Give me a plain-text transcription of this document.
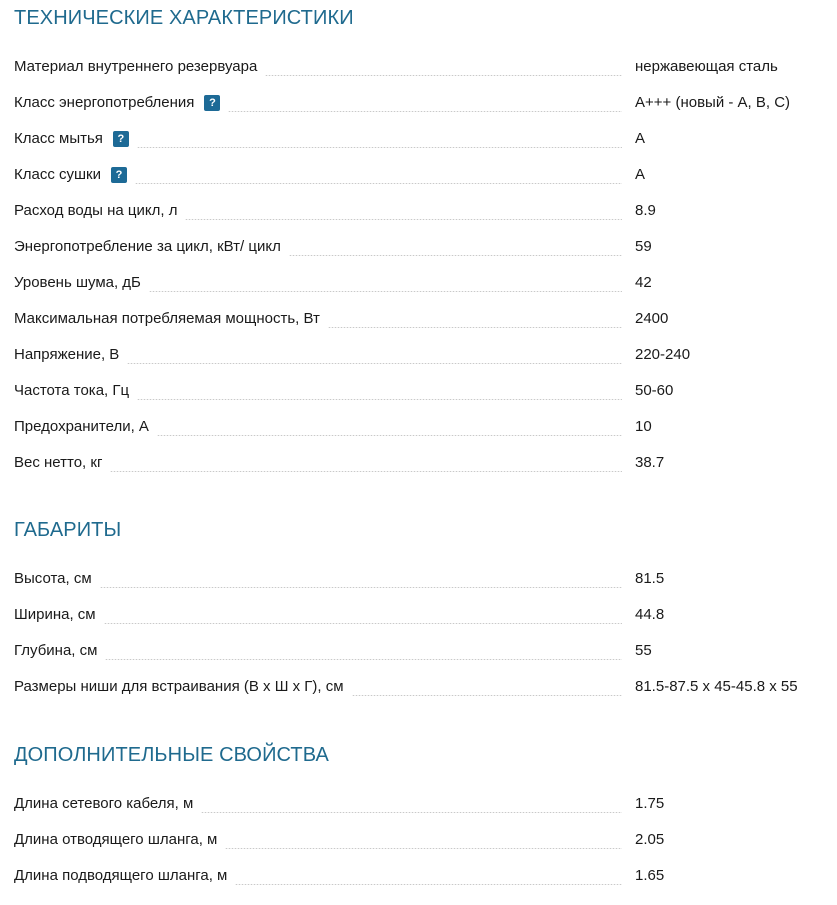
ТЕХНИЧЕСКИЕ ХАРАКТЕРИСТИКИ
Материал внутреннего резервуара	нержавеющая сталь
Класс энергопотребления	?	A+++ (новый - A, B, C)
Класс мытья	?	A
Класс сушки	?	A
Расход воды на цикл, л	8.9
Энергопотребление за цикл, кВт/ цикл	59
Уровень шума, дБ	42
Максимальная потребляемая мощность, Вт	2400
Напряжение, В	220-240
Частота тока, Гц	50-60
Предохранители, А	10
Вес нетто, кг	38.7
ГАБАРИТЫ
Высота, см	81.5
Ширина, см	44.8
Глубина, см	55
Размеры ниши для встраивания (В x Ш x Г), см	81.5-87.5 x 45-45.8 x 55
ДОПОЛНИТЕЛЬНЫЕ СВОЙСТВА
Длина сетевого кабеля, м	1.75
Длина отводящего шланга, м	2.05
Длина подводящего шланга, м	1.65
